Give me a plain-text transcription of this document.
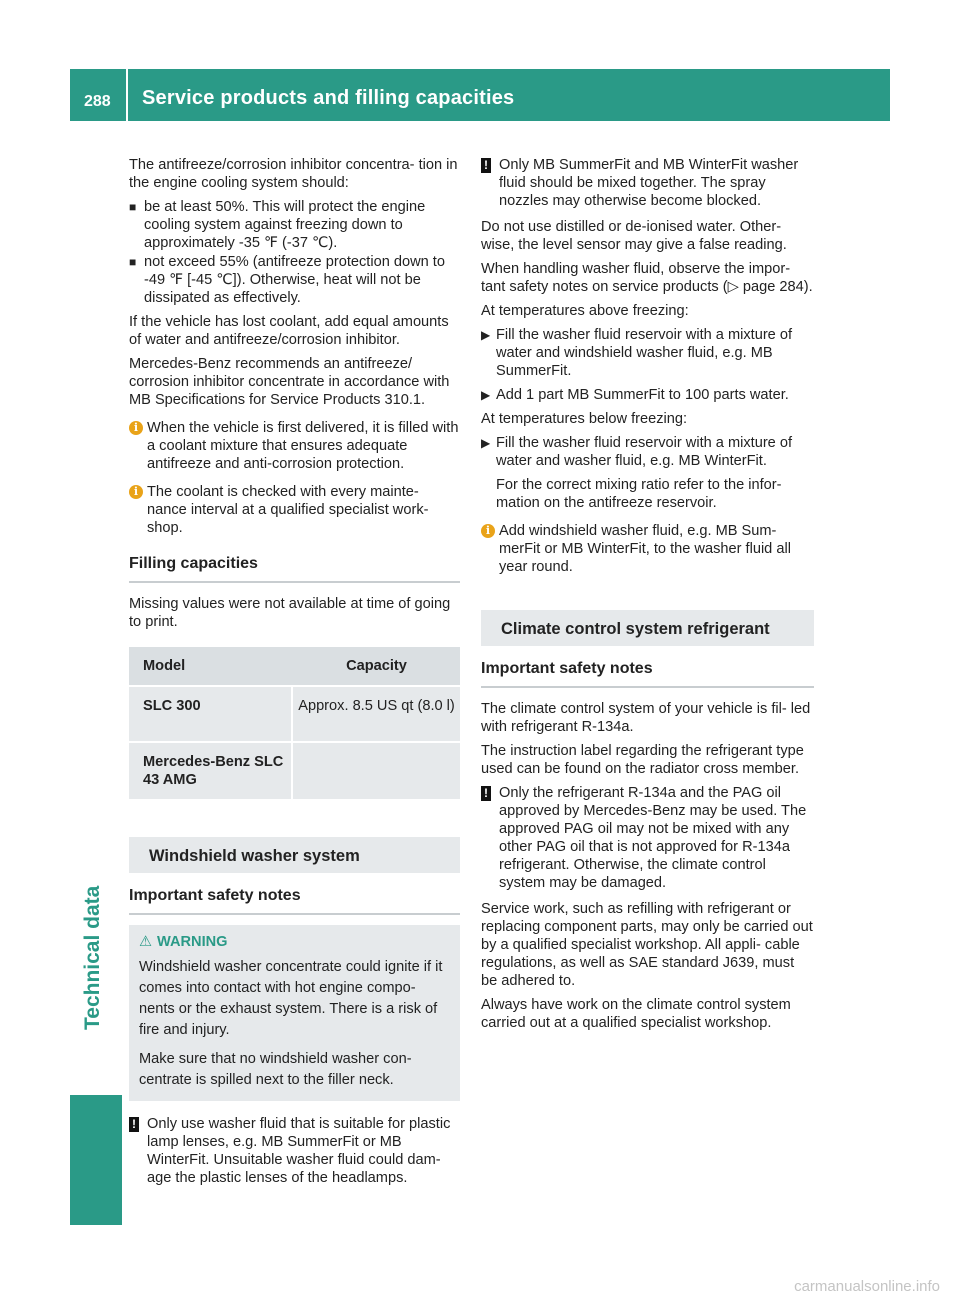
288 Service products and filling capacities
Technical data

The antifreeze/corrosion inhibitor concentra- tion in the engine cooling system should:

■ be at least 50%. This will protect the engine cooling system against freezing down to approximately -35 ℉ (-37 ℃).
■ not exceed 55% (antifreeze protection down to -49 ℉ [-45 ℃]). Otherwise, heat will not be dissipated as effectively.

If the vehicle has lost coolant, add equal amounts of water and antifreeze/corrosion inhibitor.

Mercedes-Benz recommends an antifreeze/ corrosion inhibitor concentrate in accordance with MB Specifications for Service Products 310.1.

i When the vehicle is first delivered, it is filled with a coolant mixture that ensures adequate antifreeze and anti-corrosion protection.
i The coolant is checked with every mainte- nance interval at a qualified specialist work- shop.
Filling capacities

Missing values were not available at time of going to print.

Model	Capacity
SLC 300	Approx. 8.5 US qt (8.0 l)
Mercedes-Benz SLC 43 AMG	
Windshield washer system
Important safety notes
⚠ WARNING

Windshield washer concentrate could ignite if it comes into contact with hot engine compo- nents or the exhaust system. There is a risk of fire and injury.

Make sure that no windshield washer con- centrate is spilled next to the filler neck.

! Only use washer fluid that is suitable for plastic lamp lenses, e.g. MB SummerFit or MB WinterFit. Unsuitable washer fluid could dam- age the plastic lenses of the headlamps.
! Only MB SummerFit and MB WinterFit washer fluid should be mixed together. The spray nozzles may otherwise become blocked.

Do not use distilled or de-ionised water. Other- wise, the level sensor may give a false reading.

When handling washer fluid, observe the impor- tant safety notes on service products (▷ page 284).

At temperatures above freezing:

▶ Fill the washer fluid reservoir with a mixture of water and windshield washer fluid, e.g. MB SummerFit.
▶ Add 1 part MB SummerFit to 100 parts water.

At temperatures below freezing:

▶ Fill the washer fluid reservoir with a mixture of water and washer fluid, e.g. MB WinterFit.

For the correct mixing ratio refer to the infor- mation on the antifreeze reservoir.

i Add windshield washer fluid, e.g. MB Sum- merFit or MB WinterFit, to the washer fluid all year round.
Climate control system refrigerant
Important safety notes

The climate control system of your vehicle is fil- led with refrigerant R-134a.

The instruction label regarding the refrigerant type used can be found on the radiator cross member.

! Only the refrigerant R-134a and the PAG oil approved by Mercedes-Benz may be used. The approved PAG oil may not be mixed with any other PAG oil that is not approved for R-134a refrigerant. Otherwise, the climate control system may be damaged.

Service work, such as refilling with refrigerant or replacing component parts, may only be carried out by a qualified specialist workshop. All appli- cable regulations, as well as SAE standard J639, must be adhered to.

Always have work on the climate control system carried out at a qualified specialist workshop.

carmanualsonline.info
